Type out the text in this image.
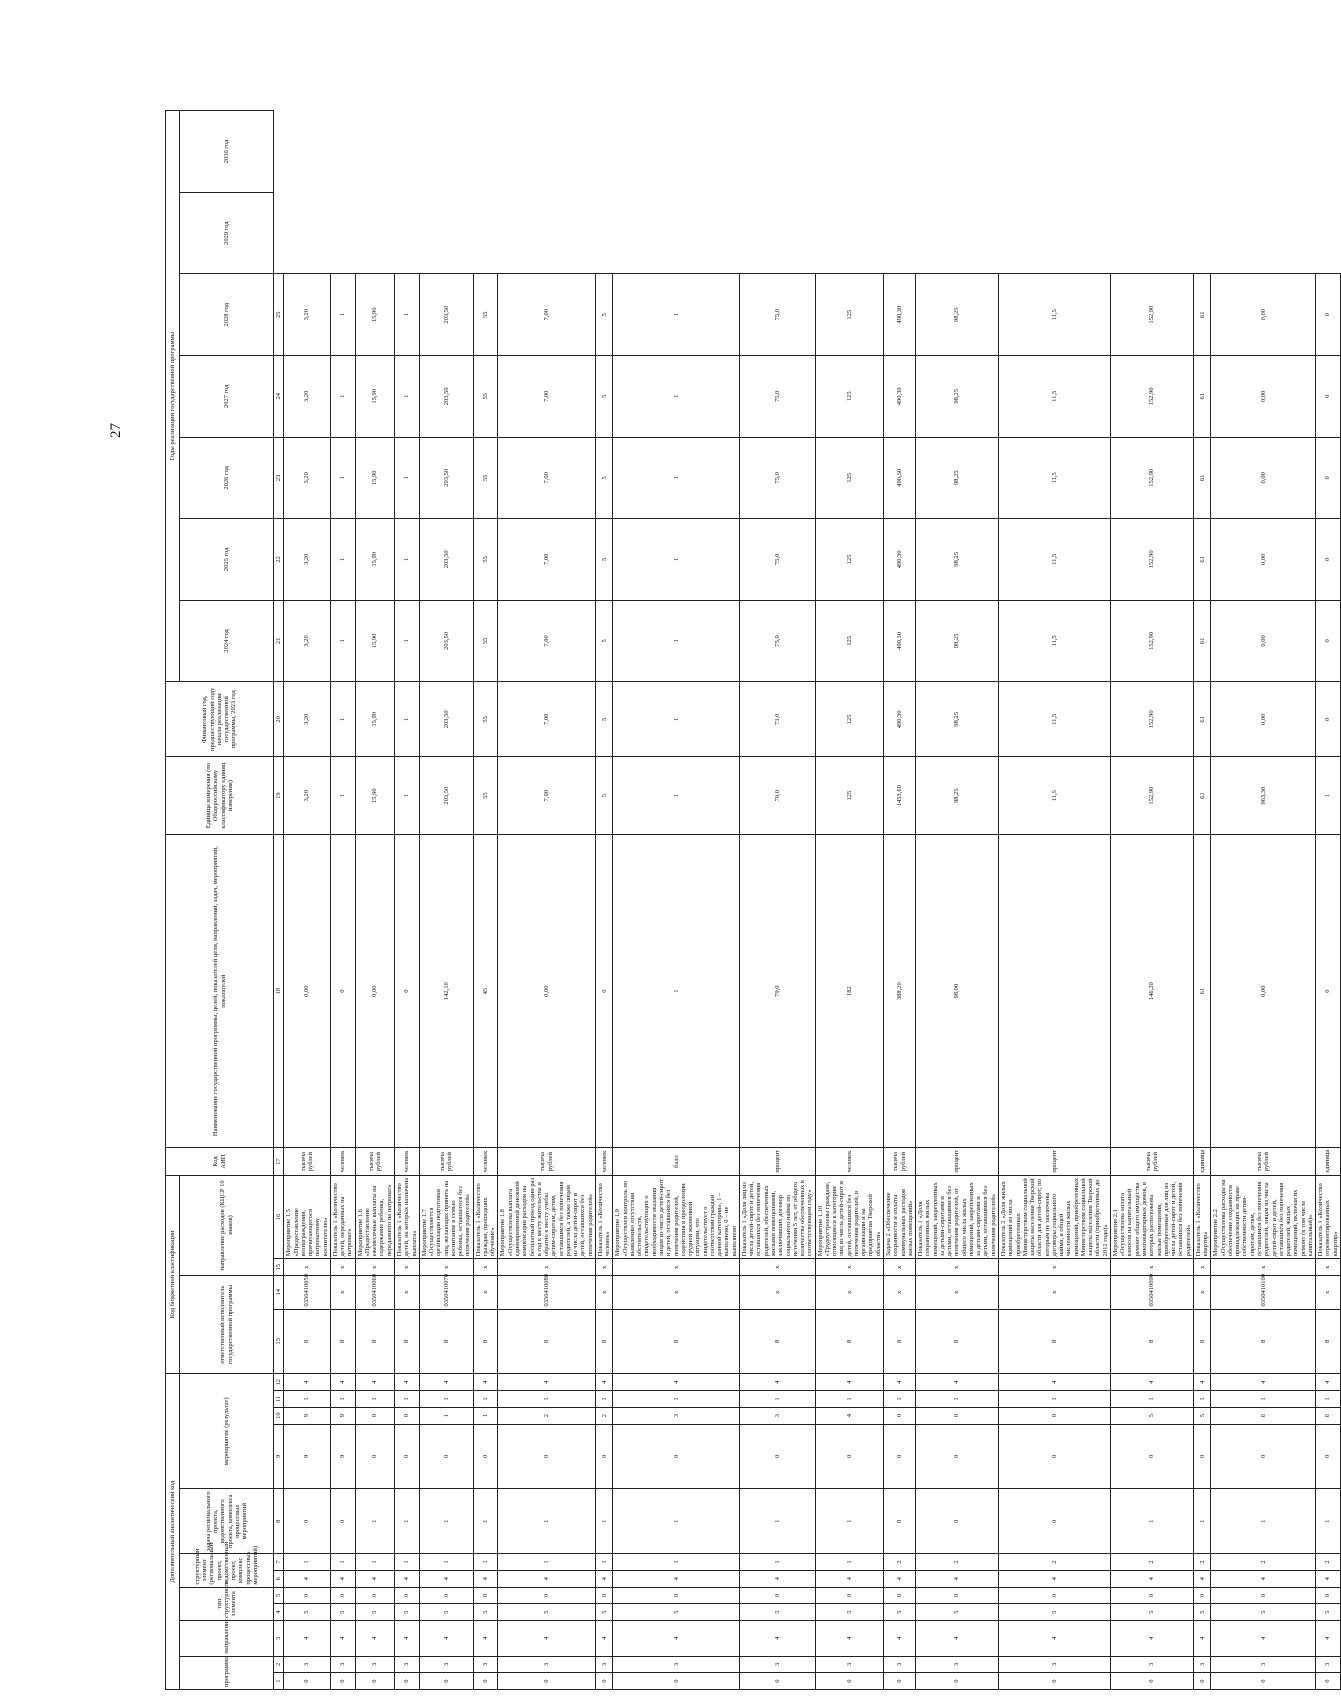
27
Дополнительный аналитический код												Код бюджетной классификации				Код АИП	Наименование государственной программы, целей, показателей цели, направлений, задач, мероприятий, показателей	Единица измерения (по Общероссийскому классификатору единиц измерения)	Финансовый год, предшествующий году начала реализации государственной программы, 2023 год	Годы реализации государственной программы						
программа		направление	тип структурного элемента		структурный элемент (региональный проект, ведомственный проект, комплекс процессных мероприятий)		задача регионального проекта, ведомственного проекта, комплекса процессных мероприятий	мероприятие (результат)				ответственный исполнитель государственной программы		направление расходов (КЦСР 10 знаков)						2024 год	2025 год	2026 год	2027 год	2028 год	2029 год	2030 год

1	2	3	4	5	6	7	8	9	10	11	12	13	14	15	16	17	18	19	20	21	22	23	24	25		
0	3	4	5	0	4	1	0	9	9	1	4	8	0350410050	х	Мероприятие 1.5 «Предоставление вознаграждения, причитающегося патронатному воспитателю»	тысяча рублей	0,00	3,20	3,20	3,20	3,20	3,20	3,20	3,20		
0	3	4	5	0	4	1	0	9	9	1	4	8	х	х	Показатель 1 «Количество детей, переданных на патронат»	человек	0	1	1	1	1	1	1	1		
0	3	4	5	0	4	1	1	0	0	1	4	8	0350410060	х	Мероприятие 1.6 «Предоставление ежемесячные выплаты на содержание ребенка, переданного на патронат»	тысяча рублей	0,00	15,90	15,90	15,90	15,90	15,90	15,90	15,90		
0	3	4	5	0	4	1	1	0	0	1	4	8	х	х	Показатель 1 «Количество детей, на которых назначена выплата»	человек	0	1	1	1	1	1	1	1		
0	3	4	5	0	4	1	1	0	1	1	4	8	0350410070	х	Мероприятие 1.7 «Осуществляется организация подготовки лиц, желающих принять на воспитание в семью ребенка, оставшегося без попечения родителей»	тысяча рублей	142,10	203,50	203,50	203,50	203,50	203,50	203,50	203,50		
0	3	4	5	0	4	1	1	0	1	1	4	8	х	х	Показатель 1 «Количество граждан, прошедших обучение»	человек	45	55	55	55	55	55	55	55		
0	3	4	5	0	4	1	1	0	2	1	4	8	0350410080	х	Мероприятие 1.8 «Осуществлена выплата единовременной денежной компенсации расходов на бесплатный проезд один раз в год к месту жительства и обратно к месту учебы детям-сиротам, детям, оставшимся без попечения родителей, а также лицам из числа детей-сирот и детей, оставшихся без попечения родителей»	тысяча рублей	0,00	7,00	7,00	7,00	7,00	7,00	7,00	7,00		
0	3	4	5	0	4	1	1	0	2	1	4	8	х	х	Показатель 1 «Количество человек»	человек	0	5	5	5	5	5	5	5		
0	3	4	5	0	4	1	1	0	3	1	4	8	х	х	Мероприятие 1.9 «Осуществлен контроль по выявлению отсутствия обстоятельств, свидетельствующих о необходимости оказания лицам из числа детей-сирот и детей, оставшихся без попечения родителей, содействия в преодолении трудной жизненной ситуации, что свидетельствует о соответствии граждан данной категории», 1 – выполнено, 0 – не выполнено	балл	1	1	1	1	1	1	1	1		
0	3	4	5	0	4	1	1	0	3	1	4	8	х	х	Показатель 1 «Доля лиц из числа детей-сирот и детей, оставшихся без попечения родителей, обеспеченных жилыми помещениями, заключивших договор социального найма по истечении 5 лет, от общего количества обеспеченных в соответствующем году»	процент	79,0	70,0	73,0	75,0	75,0	75,0	75,0	75,0		
0	3	4	5	0	4	1	1	0	4	1	4	8	х	х	Мероприятие 1.10 «Трудоустроены граждане, относящиеся к категории лиц из числа детей-сирот и детей, оставшихся без попечения родителей, в организации и на предприятия Тверской области»	человек	182	125	125	125	125	125	125	125		
0	3	4	5	0	4	2	0	0	0	1	4	8	х	х	Задача 2 «Обеспечение сохранности и оплаты коммунальных расходов жилых помещений»	тысяча рублей	388,20	1453,60	490,30	490,30	490,30	490,30	490,30	490,30		
0	3	4	5	0	4	2	0	0	0	1	4	8	х	х	Показатель 1 «Доля сохраненных жилых помещений, закрепленных за детьми-сиротами и детьми, оставшимися без попечения родителей, от общего числа жилых помещений, закрепленных за детьми-сиротами и детьми, оставшимися без попечения родителей»	процент	98,00	98,25	98,25	98,25	98,25	98,25	98,25	98,25		
0	3	4	5	0	4	2	0	0	0	1	4	8	х	х	Показатель 2 «Доля жилых помещений из числа приобретенных Министерством социальной защиты населения Тверской области для детей-сирот, по которым не заключены договоры социального найма, в общей численности жилых помещений, приобретенных Министерством социальной защиты населения Тверской области (приобретенных до 2012 года)»	процент		11,5	11,5	11,5	11,5	11,5	11,5	11,5		
0	3	4	5	0	4	2	1	0	5	1	4	8	0350410090	х	Мероприятие 2.1 «Осуществлена оплата взносов на капитальный ремонт общего имущества многоквартирных домов, в которых расположены жилые помещения, приобретенные для лиц из числа детей-сирот и детей, оставшихся без попечения родителей»	тысяча рублей	146,20	152,90	152,90	152,90	152,90	152,90	152,90	152,90		
0	3	4	5	0	4	2	1	0	5	1	4	8	х	х	Показатель 1 «Количество квартир»	единица	61	61	61	61	61	61	61	61		
0	3	4	5	0	4	2	1	0	6	1	4	8	0350410100	х	Мероприятие 2.2 «Осуществлены расходы на обеспечение сохранности принадлежащих на праве собственности детям-сиротам, детям, оставшимся без попечения родителей, лицам из числа детей-сирот и детей, оставшихся без попечения родителей, жилых помещений, включая их ремонт (в том числе капитальный)»	тысяча рублей	0,00	963,30	0,00	0,00	0,00	0,00	0,00	0,00		
0	3	4	5	0	4	2	1	0	6	1	4	8	х	х	Показатель 1 «Количество отремонтированных квартир»	единица	0	1	0	0	0	0	0	0		
